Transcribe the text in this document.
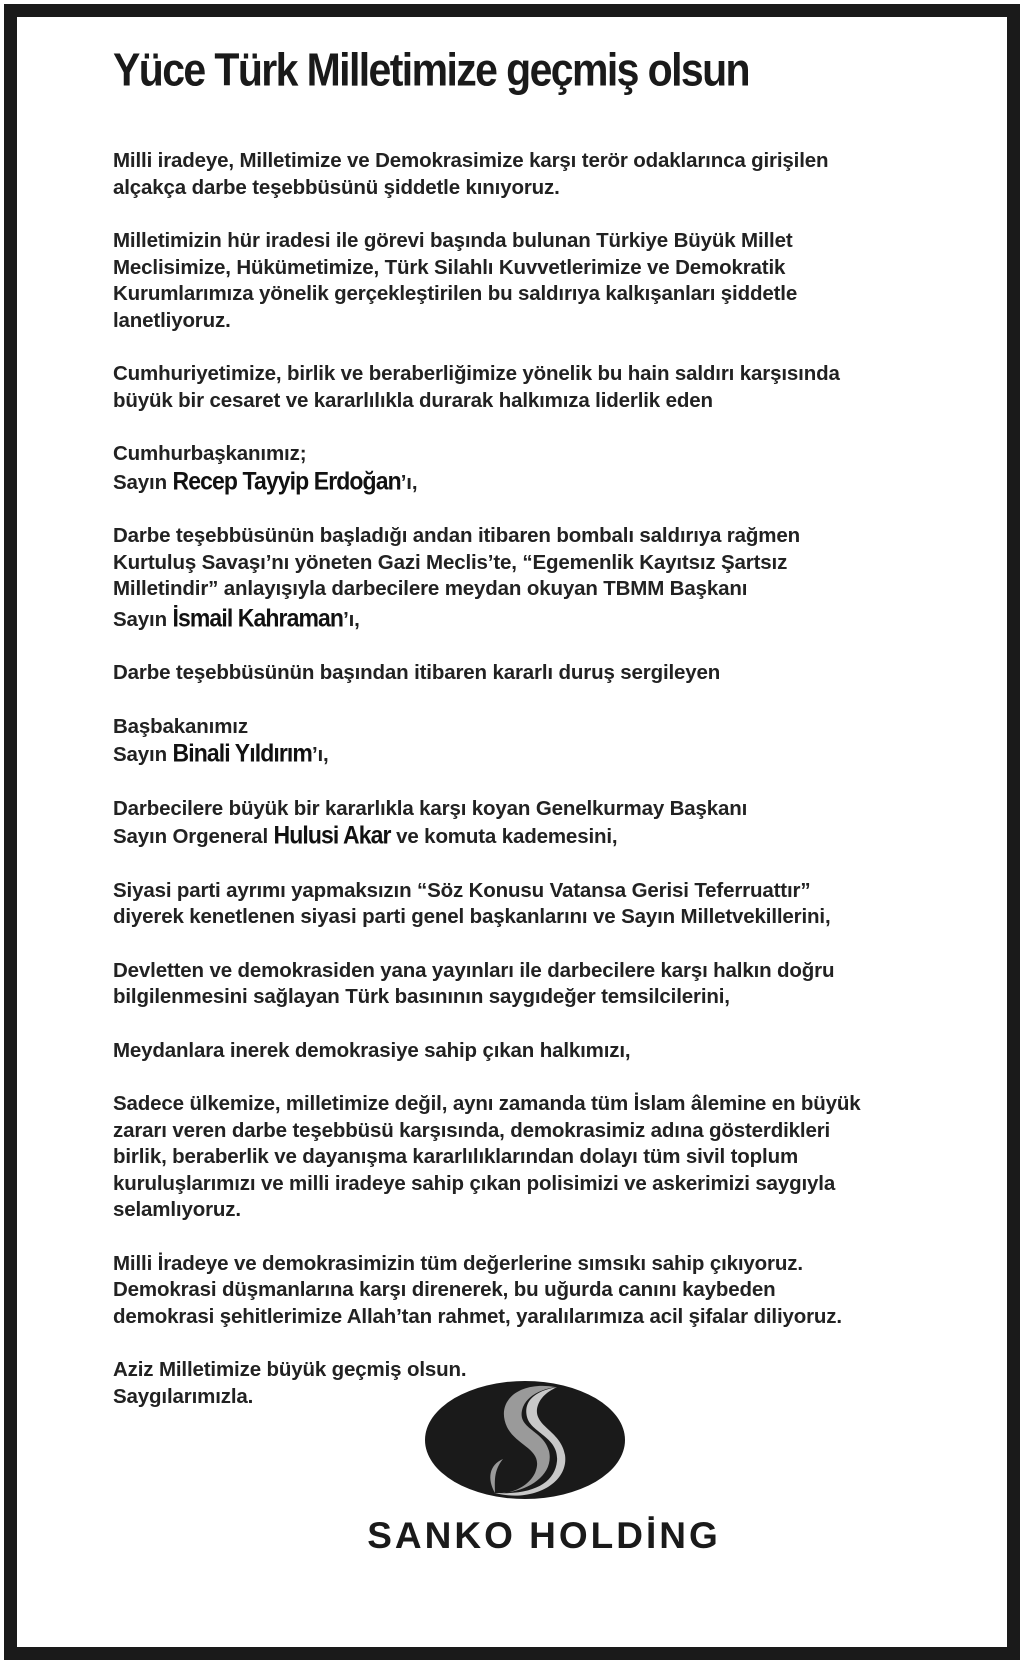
Yüce Türk Milletimize geçmiş olsun

Milli iradeye, Milletimize ve Demokrasimize karşı terör odaklarınca girişilen alçakça darbe teşebbüsünü şiddetle kınıyoruz.

Milletimizin hür iradesi ile görevi başında bulunan Türkiye Büyük Millet Meclisimize, Hükümetimize, Türk Silahlı Kuvvetlerimize ve Demokratik Kurumlarımıza yönelik gerçekleştirilen bu saldırıya kalkışanları şiddetle lanetliyoruz.

Cumhuriyetimize, birlik ve beraberliğimize yönelik bu hain saldırı karşısında büyük bir cesaret ve kararlılıkla durarak halkımıza liderlik eden

Cumhurbaşkanımız;
Sayın Recep Tayyip Erdoğan’ı,

Darbe teşebbüsünün başladığı andan itibaren bombalı saldırıya rağmen Kurtuluş Savaşı’nı yöneten Gazi Meclis’te, “Egemenlik Kayıtsız Şartsız Milletindir” anlayışıyla darbecilere meydan okuyan TBMM Başkanı

Sayın İsmail Kahraman’ı,

Darbe teşebbüsünün başından itibaren kararlı duruş sergileyen

Başbakanımız
Sayın Binali Yıldırım’ı,

Darbecilere büyük bir kararlıkla karşı koyan Genelkurmay Başkanı
Sayın Orgeneral Hulusi Akar ve komuta kademesini,

Siyasi parti ayrımı yapmaksızın “Söz Konusu Vatansa Gerisi Teferruattır” diyerek kenetlenen siyasi parti genel başkanlarını ve Sayın Milletvekillerini,

Devletten ve demokrasiden yana yayınları ile darbecilere karşı halkın doğru bilgilenmesini sağlayan Türk basınının saygıdeğer temsilcilerini,

Meydanlara inerek demokrasiye sahip çıkan halkımızı,

Sadece ülkemize, milletimize değil, aynı zamanda tüm İslam âlemine en büyük zararı veren darbe teşebbüsü karşısında, demokrasimiz adına gösterdikleri birlik, beraberlik ve dayanışma kararlılıklarından dolayı tüm sivil toplum kuruluşlarımızı ve milli iradeye sahip çıkan polisimizi ve askerimizi saygıyla selamlıyoruz.

Milli İradeye ve demokrasimizin tüm değerlerine sımsıkı sahip çıkıyoruz. Demokrasi düşmanlarına karşı direnerek, bu uğurda canını kaybeden demokrasi şehitlerimize Allah’tan rahmet, yaralılarımıza acil şifalar diliyoruz.

Aziz Milletimize büyük geçmiş olsun.
Saygılarımızla.

SANKO HOLDİNG
